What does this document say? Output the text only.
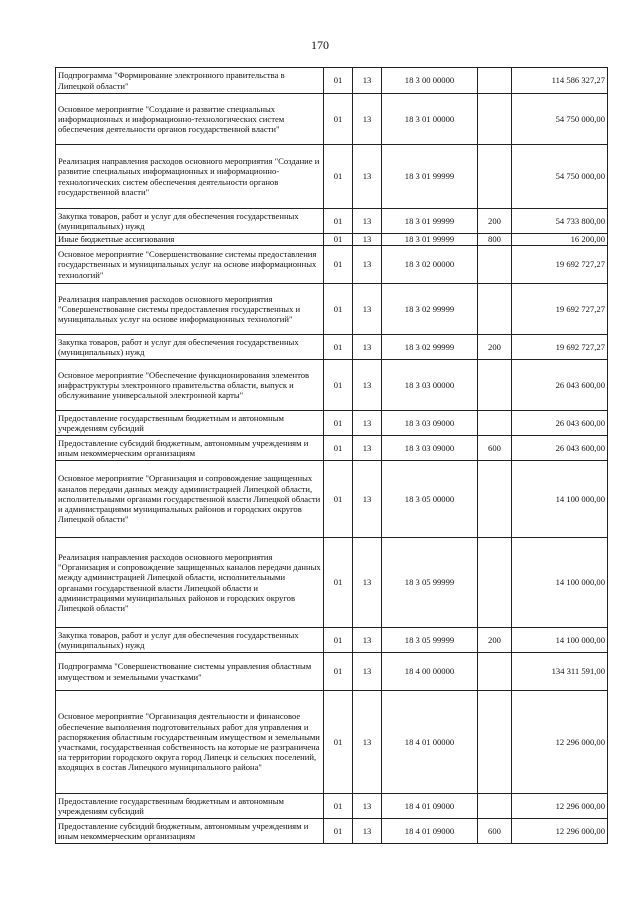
170
Подпрограмма "Формирование электронного правительства в Липецкой области"	01	13	18 3 00 00000		114 586 327,27
Основное мероприятие "Создание и развитие специальных информационных и информационно-технологических систем обеспечения деятельности органов государственной власти"	01	13	18 3 01 00000		54 750 000,00
Реализация направления расходов основного мероприятия "Создание и развитие специальных информационных и информационно-технологических систем обеспечения деятельности органов государственной власти"	01	13	18 3 01 99999		54 750 000,00
Закупка товаров, работ и услуг для обеспечения государственных (муниципальных) нужд	01	13	18 3 01 99999	200	54 733 800,00
Иные бюджетные ассигнования	01	13	18 3 01 99999	800	16 200,00
Основное мероприятие "Совершенствование системы предоставления государственных и муниципальных услуг на основе информационных технологий"	01	13	18 3 02 00000		19 692 727,27
Реализация направления расходов основного мероприятия "Совершенствование системы предоставления государственных и муниципальных услуг на основе информационных технологий"	01	13	18 3 02 99999		19 692 727,27
Закупка товаров, работ и услуг для обеспечения государственных (муниципальных) нужд	01	13	18 3 02 99999	200	19 692 727,27
Основное мероприятие "Обеспечение функционирования элементов инфраструктуры электронного правительства области, выпуск и обслуживание универсальной электронной карты"	01	13	18 3 03 00000		26 043 600,00
Предоставление государственным бюджетным и автономным учреждениям субсидий	01	13	18 3 03 09000		26 043 600,00
Предоставление субсидий бюджетным, автономным учреждениям и иным некоммерческим организациям	01	13	18 3 03 09000	600	26 043 600,00
Основное мероприятие "Организация и сопровождение защищенных каналов передачи данных между администрацией Липецкой области, исполнительными органами государственной власти Липецкой области и администрациями муниципальных районов и городских округов Липецкой области"	01	13	18 3 05 00000		14 100 000,00
Реализация направления расходов основного мероприятия "Организация и сопровождение защищенных каналов передачи данных между администрацией Липецкой области, исполнительными органами государственной власти Липецкой области и администрациями муниципальных районов и городских округов Липецкой области"	01	13	18 3 05 99999		14 100 000,00
Закупка товаров, работ и услуг для обеспечения государственных (муниципальных) нужд	01	13	18 3 05 99999	200	14 100 000,00
Подпрограмма "Совершенствование системы управления областным имуществом и земельными участками"	01	13	18 4 00 00000		134 311 591,00
Основное мероприятие "Организация деятельности и финансовое обеспечение выполнения подготовительных работ для управления и распоряжения областным государственным имуществом и земельными участками, государственная собственность на которые не разграничена на территории городского округа город Липецк и сельских поселений, входящих в состав Липецкого муниципального района"	01	13	18 4 01 00000		12 296 000,00
Предоставление государственным бюджетным и автономным учреждениям субсидий	01	13	18 4 01 09000		12 296 000,00
Предоставление субсидий бюджетным, автономным учреждениям и иным некоммерческим организациям	01	13	18 4 01 09000	600	12 296 000,00
